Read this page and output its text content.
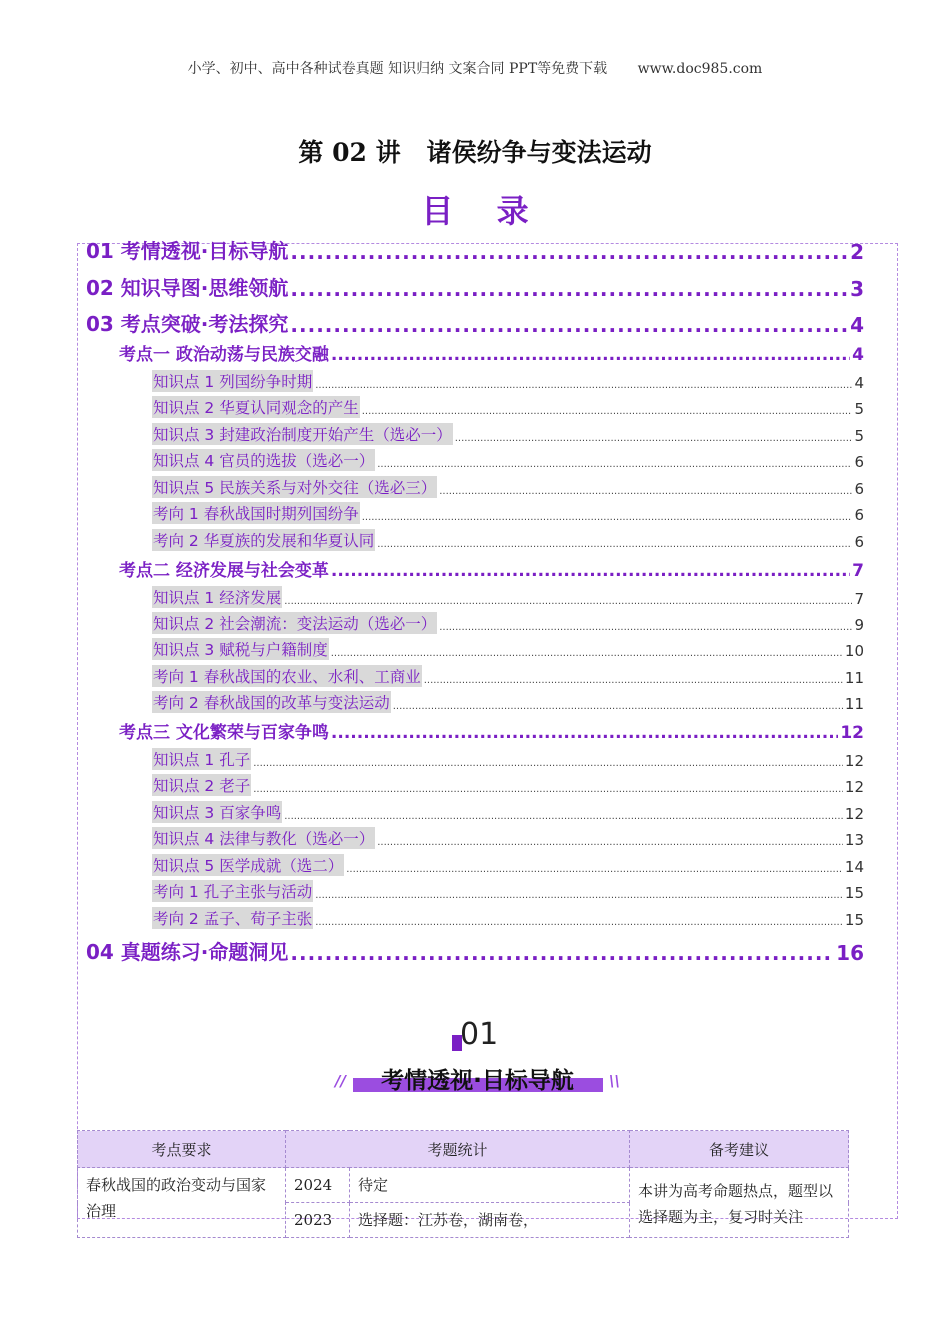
小学、初中、高中各种试卷真题 知识归纳 文案合同 PPT等免费下载 www.doc985.com
第 02 讲 诸侯纷争与变法运动
目 录
01 考情透视·目标导航 .....	2
02 知识导图·思维领航 .....	3
03 考点突破·考法探究 .....	4
考点一 政治动荡与民族交融 .....	4
知识点 1 列国纷争时期 .....	4
知识点 2 华夏认同观念的产生 .....	5
知识点 3 封建政治制度开始产生（选必一） .....	5
知识点 4 官员的选拔（选必一） .....	6
知识点 5 民族关系与对外交往（选必三） .....	6
考向 1 春秋战国时期列国纷争 .....	6
考向 2 华夏族的发展和华夏认同 .....	6
考点二 经济发展与社会变革 .....	7
知识点 1 经济发展 .....	7
知识点 2 社会潮流：变法运动（选必一） .....	9
知识点 3 赋税与户籍制度 .....	10
考向 1 春秋战国的农业、水利、工商业 .....	11
考向 2 春秋战国的改革与变法运动 .....	11
考点三 文化繁荣与百家争鸣 .....	12
知识点 1 孔子 .....	12
知识点 2 老子 .....	12
知识点 3 百家争鸣 .....	12
知识点 4 法律与教化（选必一） .....	13
知识点 5 医学成就（选二） .....	14
考向 1 孔子主张与活动 .....	15
考向 2 孟子、荀子主张 .....	15
04 真题练习·命题洞见 .....	16
01
//	考情透视·目标导航	\\
考点要求	考题统计		备考建议
春秋战国的政治变动与国家治理	2024	待定	本讲为高考命题热点，题型以选择题为主，复习时关注
	2023	选择题：江苏卷，湖南卷，	
